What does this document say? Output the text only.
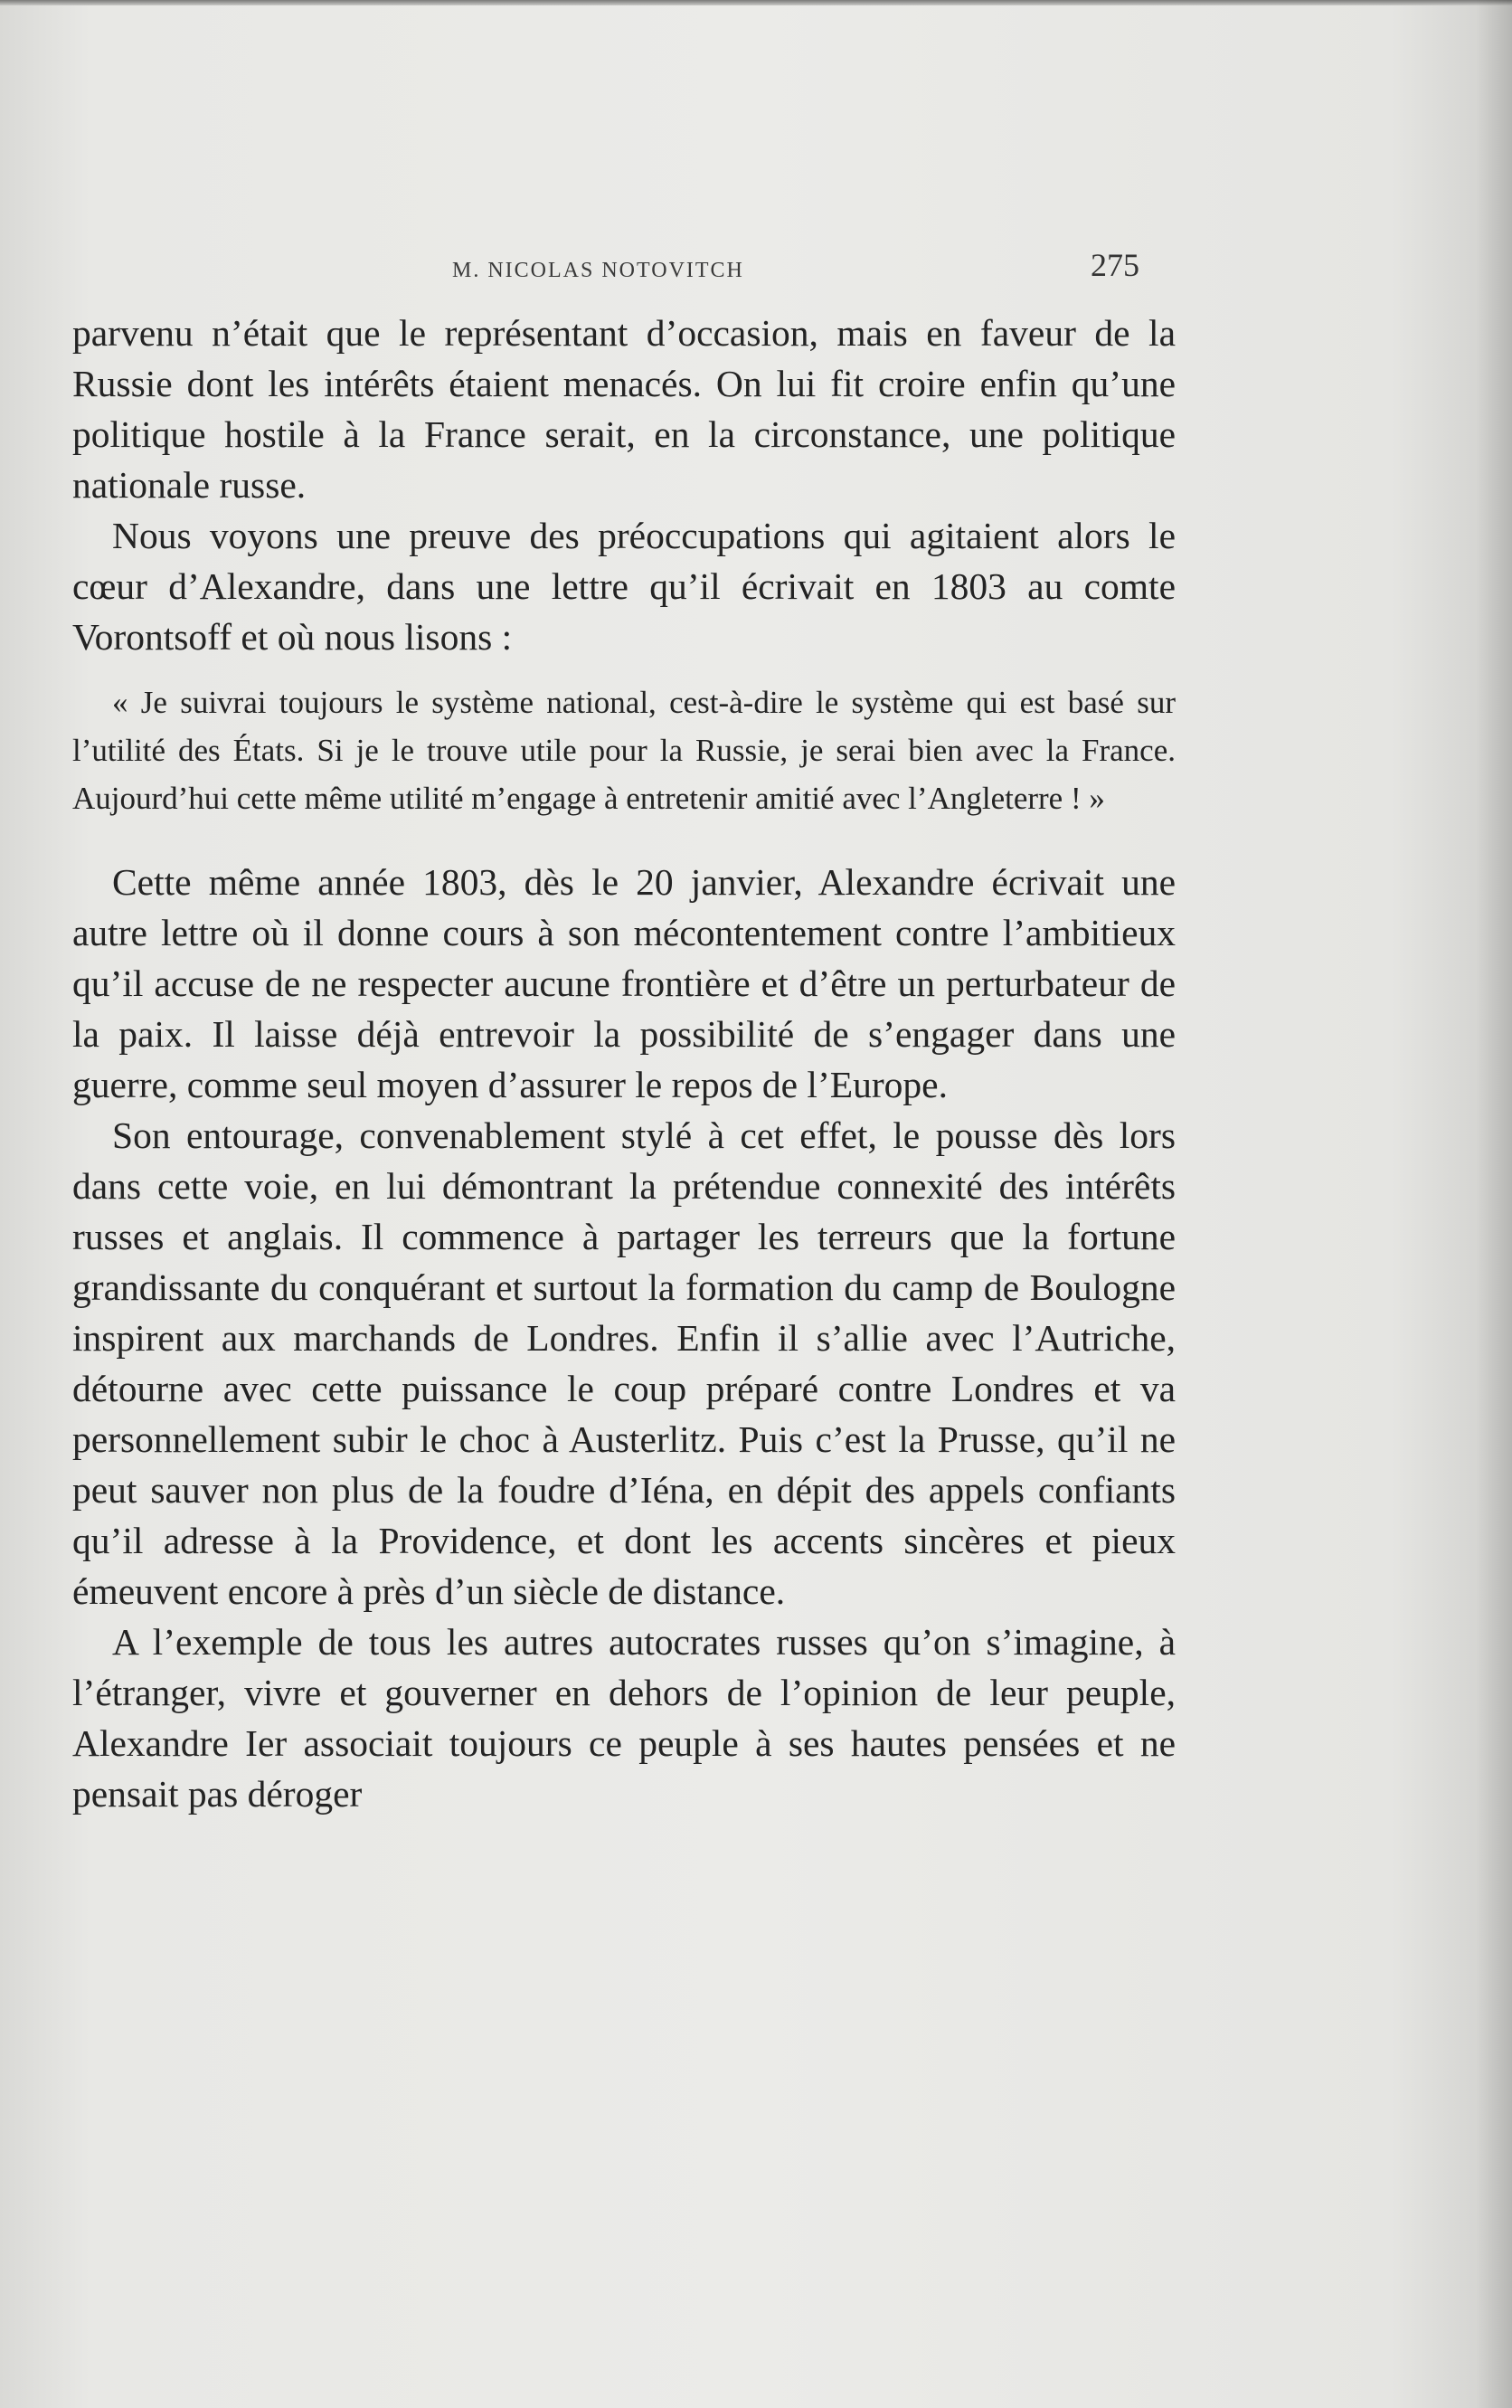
M. NICOLAS NOTOVITCH	275

parvenu n’était que le représentant d’occasion, mais en faveur de la Russie dont les intérêts étaient menacés. On lui fit croire enfin qu’une politique hostile à la France serait, en la circonstance, une politique nationale russe.

Nous voyons une preuve des préoccupations qui agitaient alors le cœur d’Alexandre, dans une lettre qu’il écrivait en 1803 au comte Vorontsoff et où nous lisons :

« Je suivrai toujours le système national, cest-à-dire le système qui est basé sur l’utilité des États. Si je le trouve utile pour la Russie, je serai bien avec la France. Aujourd’hui cette même utilité m’engage à entretenir amitié avec l’Angleterre ! »

Cette même année 1803, dès le 20 janvier, Alexandre écrivait une autre lettre où il donne cours à son mécontentement contre l’ambitieux qu’il accuse de ne respecter aucune frontière et d’être un perturbateur de la paix. Il laisse déjà entrevoir la possibilité de s’engager dans une guerre, comme seul moyen d’assurer le repos de l’Europe.

Son entourage, convenablement stylé à cet effet, le pousse dès lors dans cette voie, en lui démontrant la prétendue connexité des intérêts russes et anglais. Il commence à partager les terreurs que la fortune grandissante du conquérant et surtout la formation du camp de Boulogne inspirent aux marchands de Londres. Enfin il s’allie avec l’Autriche, détourne avec cette puissance le coup préparé contre Londres et va personnellement subir le choc à Austerlitz. Puis c’est la Prusse, qu’il ne peut sauver non plus de la foudre d’Iéna, en dépit des appels confiants qu’il adresse à la Providence, et dont les accents sincères et pieux émeuvent encore à près d’un siècle de distance.

A l’exemple de tous les autres autocrates russes qu’on s’imagine, à l’étranger, vivre et gouverner en dehors de l’opinion de leur peuple, Alexandre Ier associait toujours ce peuple à ses hautes pensées et ne pensait pas déroger
